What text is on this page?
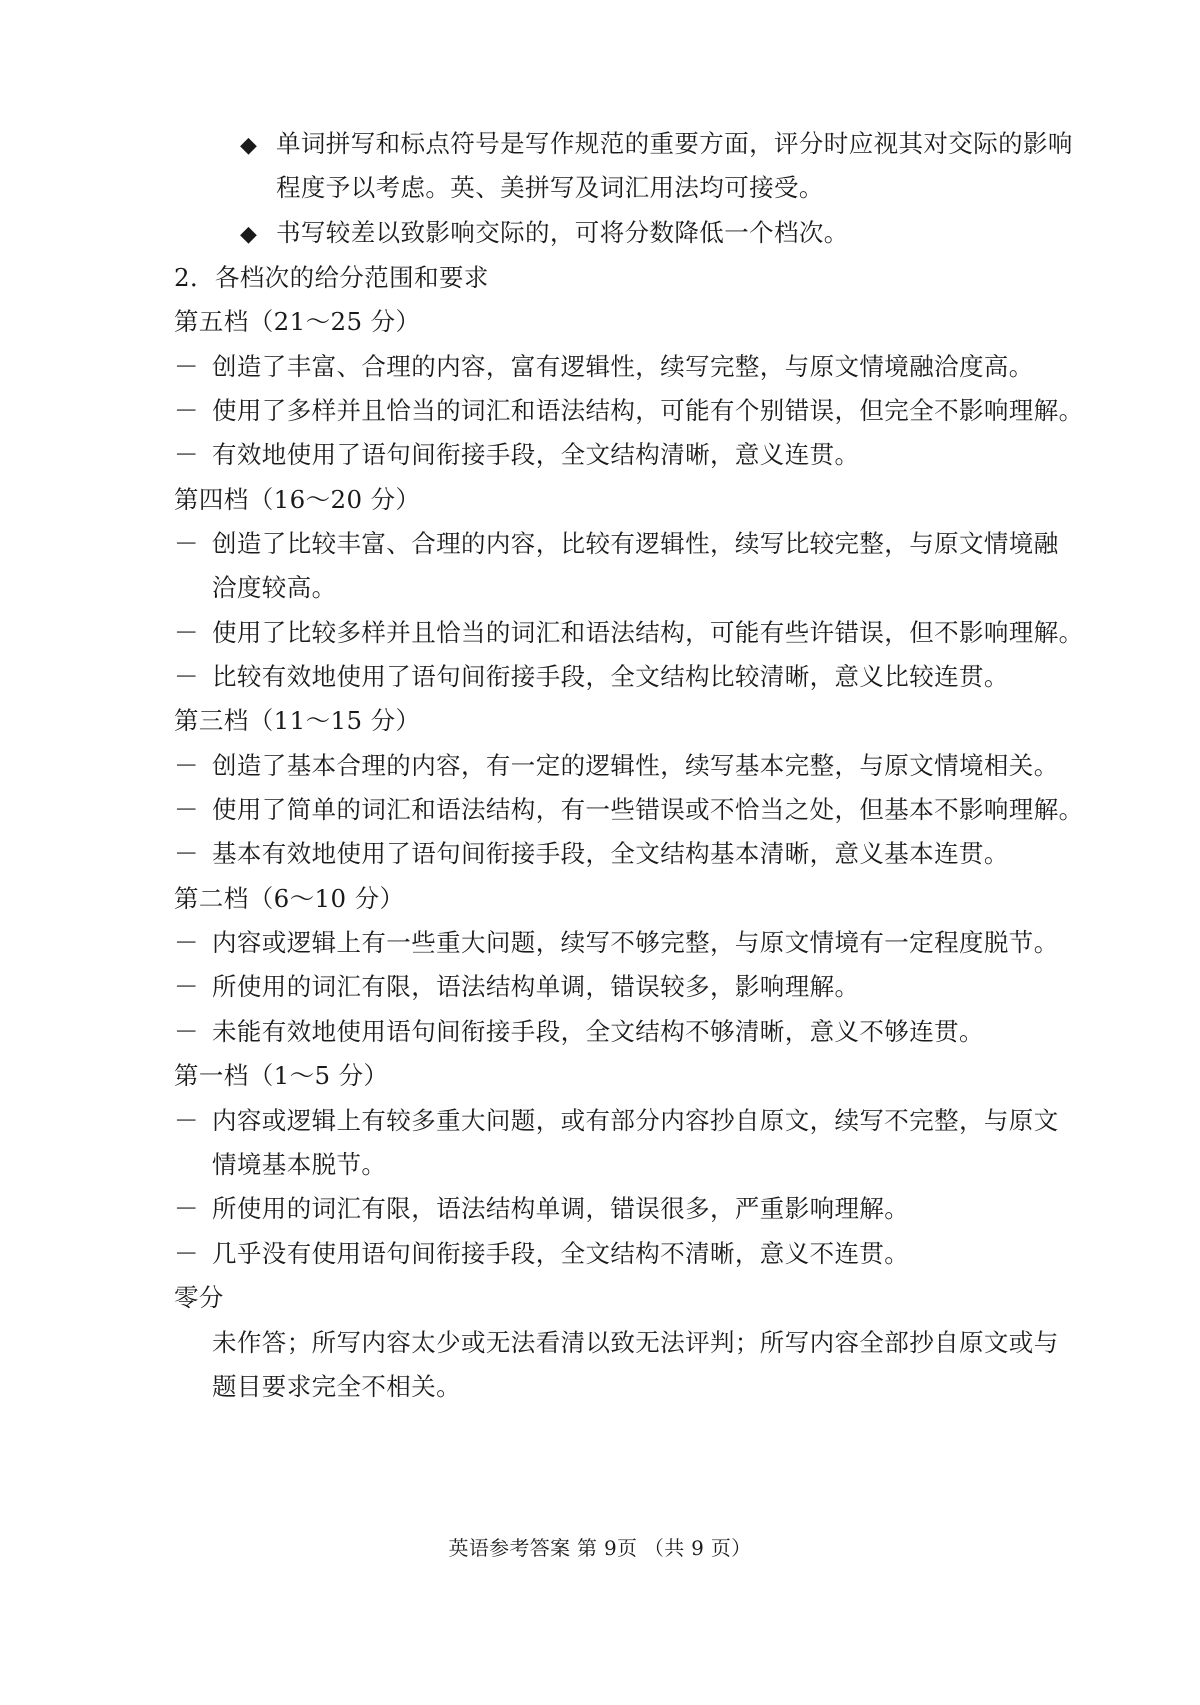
◆ 单词拼写和标点符号是写作规范的重要方面，评分时应视其对交际的影响

程度予以考虑。英、美拼写及词汇用法均可接受。

◆ 书写较差以致影响交际的，可将分数降低一个档次。

2．各档次的给分范围和要求

第五档（21～25 分）

－ 创造了丰富、合理的内容，富有逻辑性，续写完整，与原文情境融洽度高。

－ 使用了多样并且恰当的词汇和语法结构，可能有个别错误，但完全不影响理解。

－ 有效地使用了语句间衔接手段，全文结构清晰，意义连贯。

第四档（16～20 分）

－ 创造了比较丰富、合理的内容，比较有逻辑性，续写比较完整，与原文情境融

洽度较高。

－ 使用了比较多样并且恰当的词汇和语法结构，可能有些许错误，但不影响理解。

－ 比较有效地使用了语句间衔接手段，全文结构比较清晰，意义比较连贯。

第三档（11～15 分）

－ 创造了基本合理的内容，有一定的逻辑性，续写基本完整，与原文情境相关。

－ 使用了简单的词汇和语法结构，有一些错误或不恰当之处，但基本不影响理解。

－ 基本有效地使用了语句间衔接手段，全文结构基本清晰，意义基本连贯。

第二档（6～10 分）

－ 内容或逻辑上有一些重大问题，续写不够完整，与原文情境有一定程度脱节。

－ 所使用的词汇有限，语法结构单调，错误较多，影响理解。

－ 未能有效地使用语句间衔接手段，全文结构不够清晰，意义不够连贯。

第一档（1～5 分）

－ 内容或逻辑上有较多重大问题，或有部分内容抄自原文，续写不完整，与原文

情境基本脱节。

－ 所使用的词汇有限，语法结构单调，错误很多，严重影响理解。

－ 几乎没有使用语句间衔接手段，全文结构不清晰，意义不连贯。

零分

未作答；所写内容太少或无法看清以致无法评判；所写内容全部抄自原文或与

题目要求完全不相关。

英语参考答案 第 9页 （共 9 页）
